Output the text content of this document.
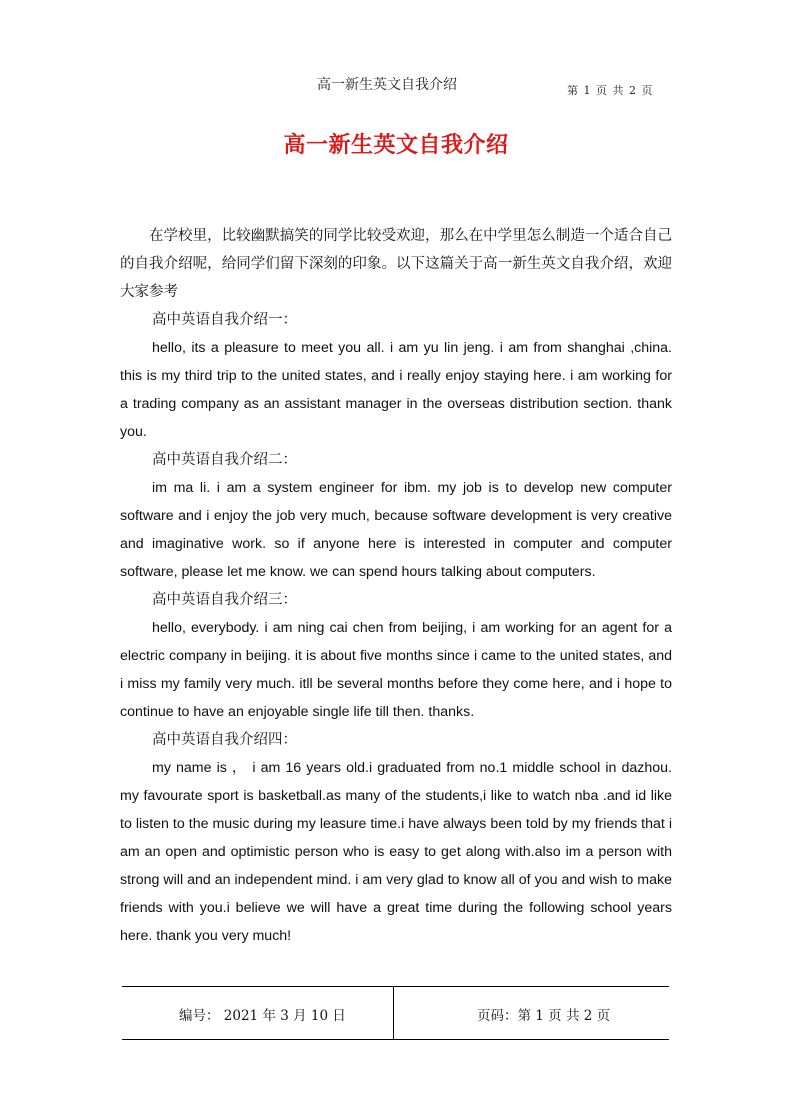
高一新生英文自我介绍	第 1 页 共 2 页
高一新生英文自我介绍

在学校里，比较幽默搞笑的同学比较受欢迎，那么在中学里怎么制造一个适合自己的自我介绍呢，给同学们留下深刻的印象。以下这篇关于高一新生英文自我介绍，欢迎大家参考

高中英语自我介绍一：

hello, its a pleasure to meet you all. i am yu lin jeng. i am from shanghai ,china. this is my third trip to the united states, and i really enjoy staying here. i am working for a trading company as an assistant manager in the overseas distribution section. thank you.

高中英语自我介绍二：

im ma li. i am a system engineer for ibm. my job is to develop new computer software and i enjoy the job very much, because software development is very creative and imaginative work. so if anyone here is interested in computer and computer software, please let me know. we can spend hours talking about computers.

高中英语自我介绍三：

hello, everybody. i am ning cai chen from beijing, i am working for an agent for a electric company in beijing. it is about five months since i came to the united states, and i miss my family very much. itll be several months before they come here, and i hope to continue to have an enjoyable single life till then. thanks.

高中英语自我介绍四：

my name is ， i am 16 years old.i graduated from no.1 middle school in dazhou. my favourate sport is basketball.as many of the students,i like to watch nba .and id like to listen to the music during my leasure time.i have always been told by my friends that i am an open and optimistic person who is easy to get along with.also im a person with strong will and an independent mind. i am very glad to know all of you and wish to make friends with you.i believe we will have a great time during the following school years here. thank you very much!

编号： 2021 年 3 月 10 日	页码：第 1 页 共 2 页
